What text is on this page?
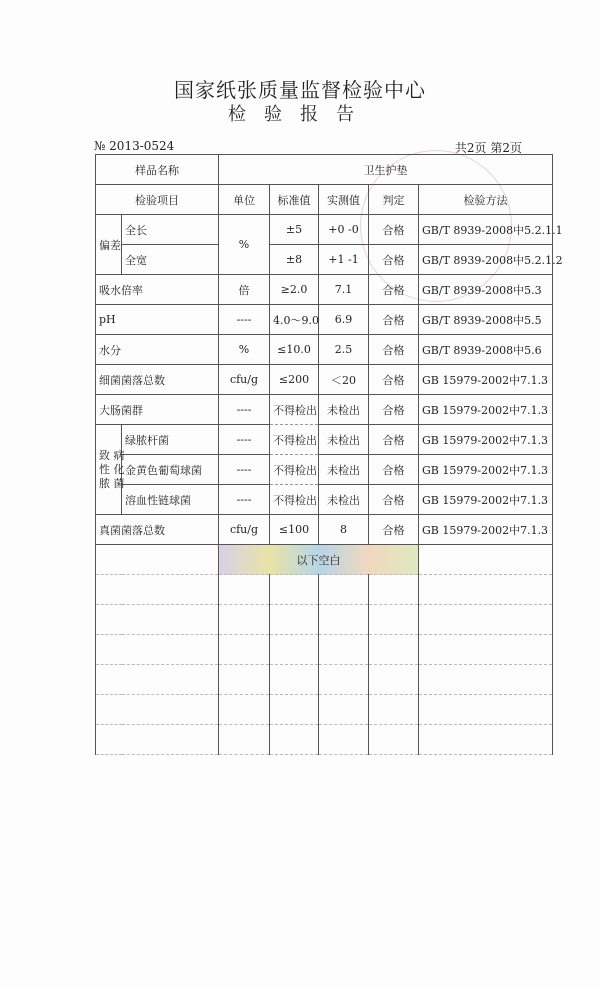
国家纸张质量监督检验中心
检验报告
№ 2013-0524	共2页 第2页
样品名称		卫生护垫				
检验项目		单位	标准值	实测值	判定	检验方法
偏差	全长	%	±5	+0 -0	合格	GB/T 8939-2008中5.2.1.1
	全宽		±8	+1 -1	合格	GB/T 8939-2008中5.2.1.2
吸水倍率		倍	≥2.0	7.1	合格	GB/T 8939-2008中5.3
pH		----	4.0～9.0	6.9	合格	GB/T 8939-2008中5.5
水分		%	≤10.0	2.5	合格	GB/T 8939-2008中5.6
细菌菌落总数		cfu/g	≤200	＜20	合格	GB 15979-2002中7.1.3
大肠菌群		----	不得检出	未检出	合格	GB 15979-2002中7.1.3

致 病
性 化
脓 菌	绿脓杆菌	----	不得检出	未检出	合格	GB 15979-2002中7.1.3
	金黄色葡萄球菌	----	不得检出	未检出	合格	GB 15979-2002中7.1.3
	溶血性链球菌	----	不得检出	未检出	合格	GB 15979-2002中7.1.3
真菌菌落总数		cfu/g	≤100	8	合格	GB 15979-2002中7.1.3
		以下空白				
